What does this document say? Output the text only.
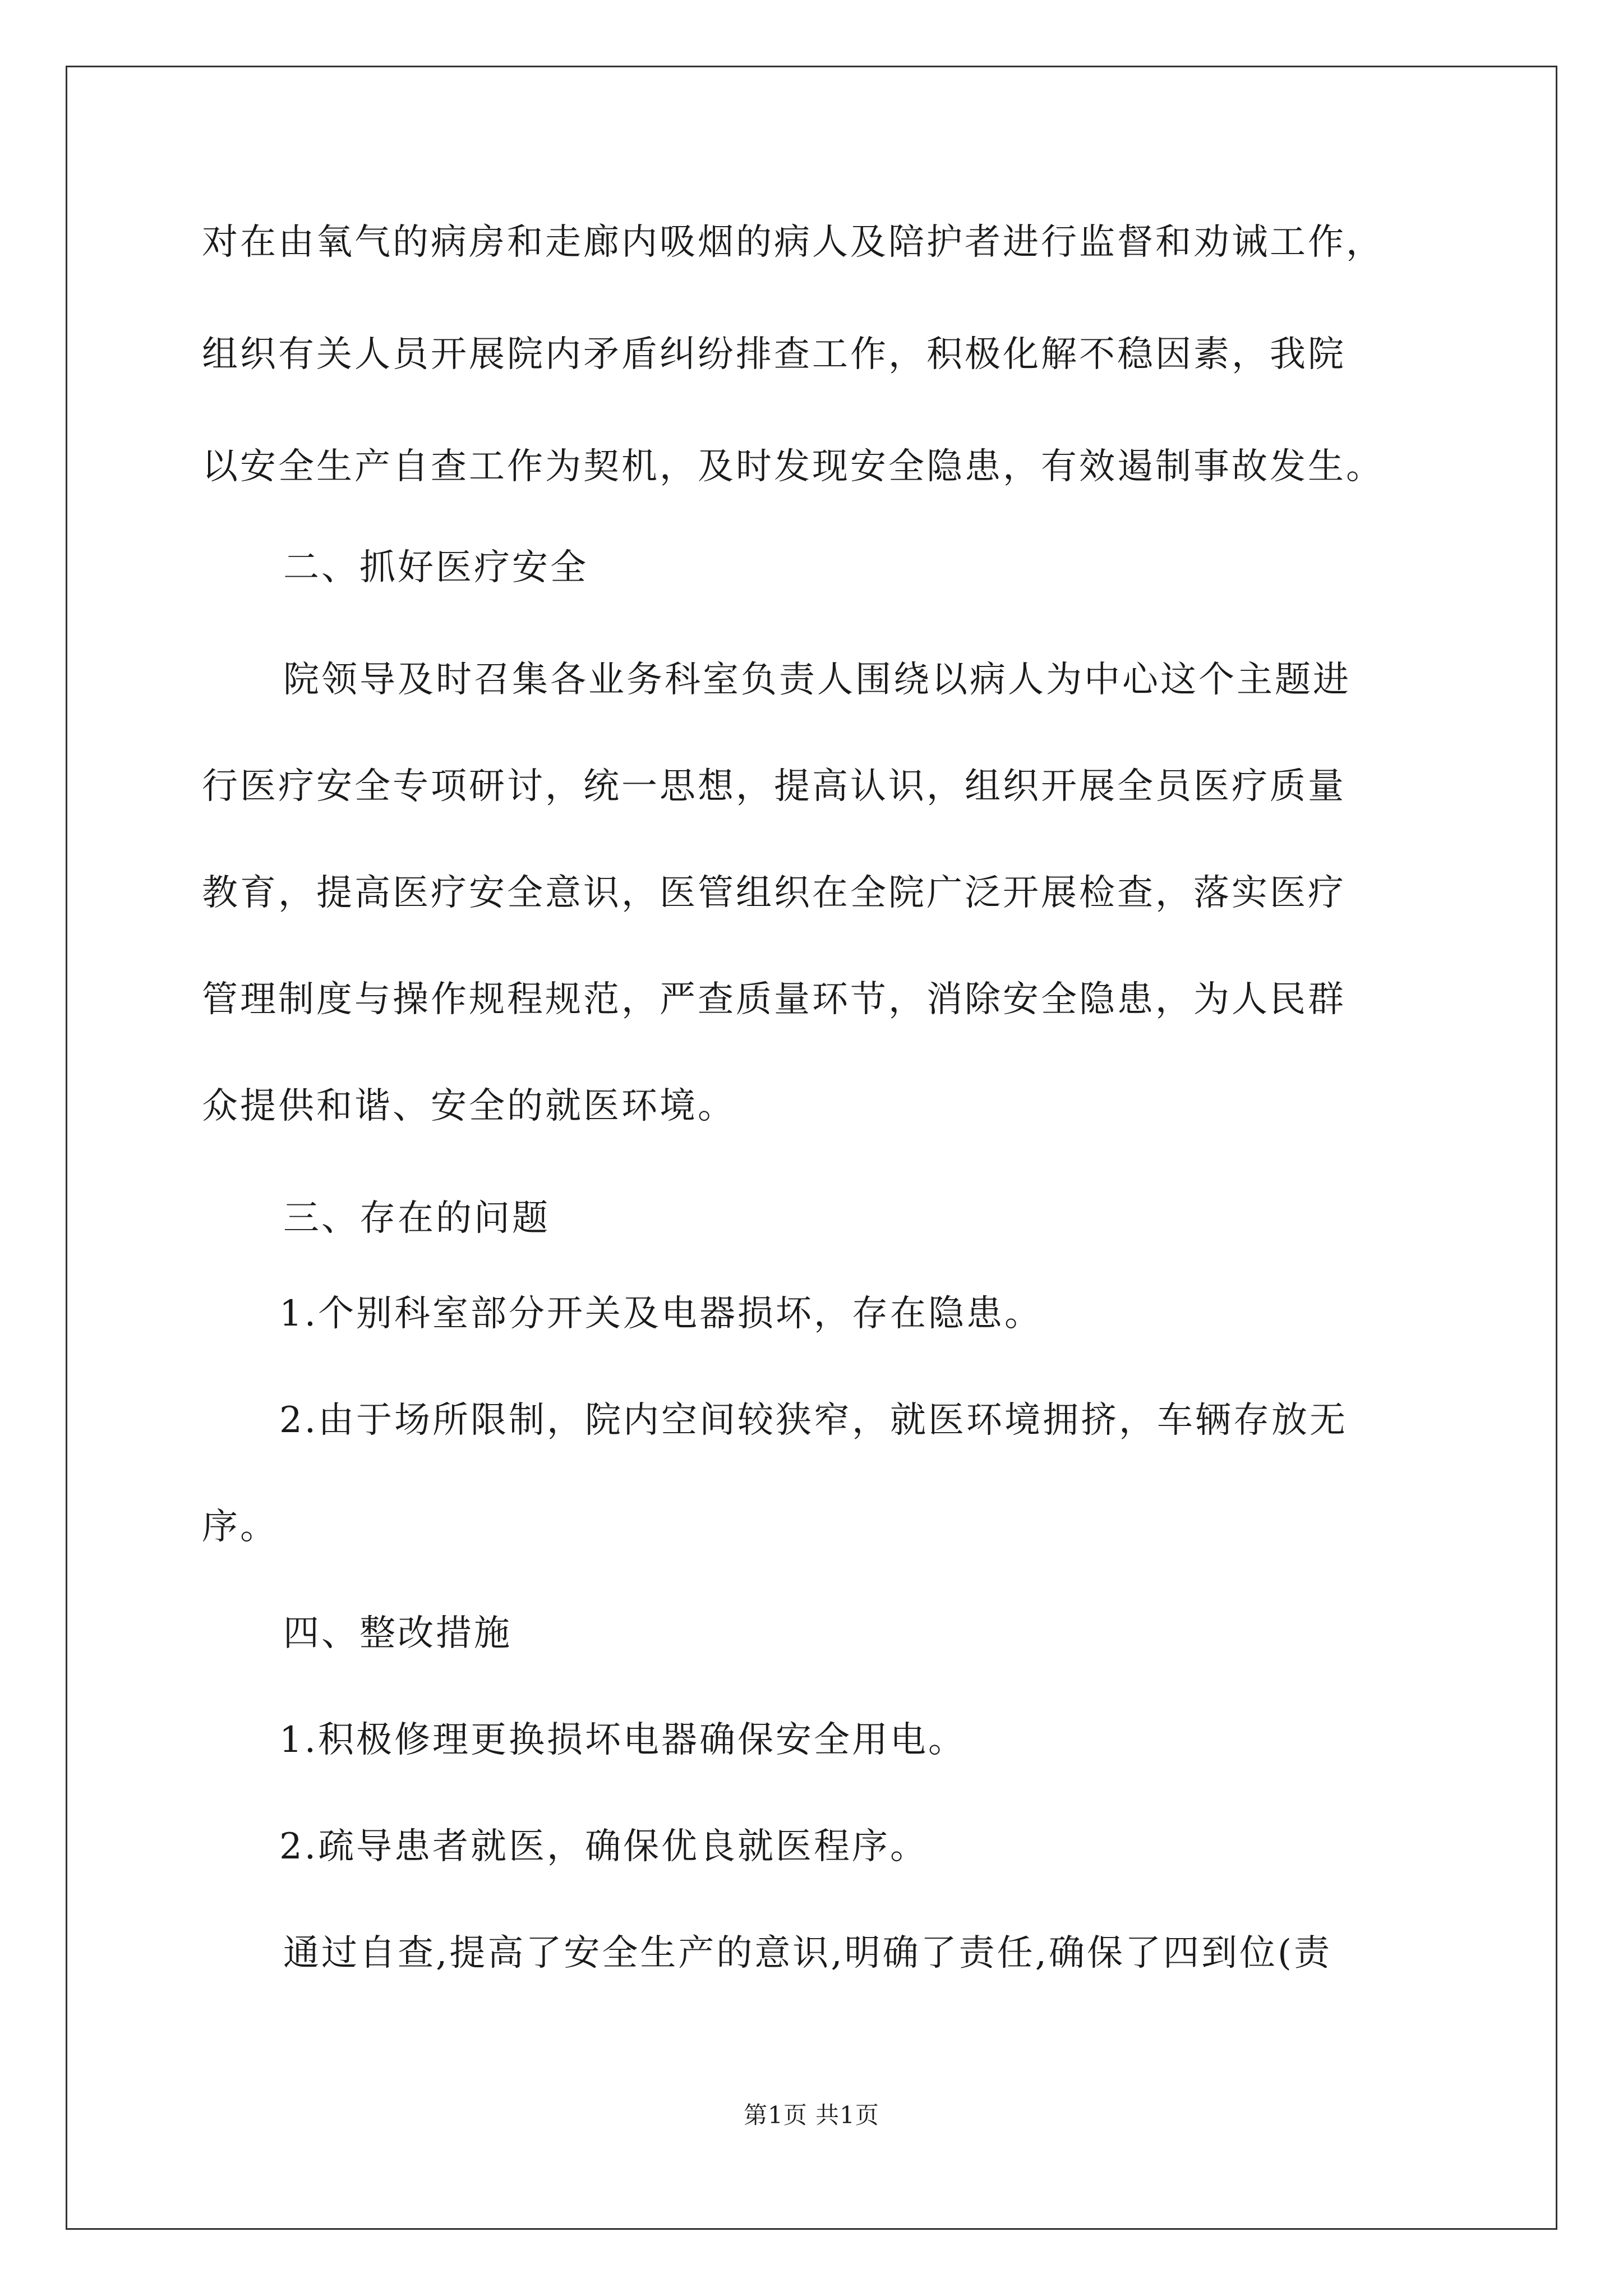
对在由氧气的病房和走廊内吸烟的病人及陪护者进行监督和劝诫工作，
组织有关人员开展院内矛盾纠纷排查工作，积极化解不稳因素，我院
以安全生产自查工作为契机，及时发现安全隐患，有效遏制事故发生。
二、抓好医疗安全
院领导及时召集各业务科室负责人围绕以病人为中心这个主题进
行医疗安全专项研讨，统一思想，提高认识，组织开展全员医疗质量
教育，提高医疗安全意识，医管组织在全院广泛开展检查，落实医疗
管理制度与操作规程规范，严查质量环节，消除安全隐患，为人民群
众提供和谐、安全的就医环境。
三、存在的问题
1.个别科室部分开关及电器损坏，存在隐患。
2.由于场所限制，院内空间较狭窄，就医环境拥挤，车辆存放无
序。
四、整改措施
1.积极修理更换损坏电器确保安全用电。
2.疏导患者就医，确保优良就医程序。
通过自查,提高了安全生产的意识,明确了责任,确保了四到位(责
第1页 共1页
